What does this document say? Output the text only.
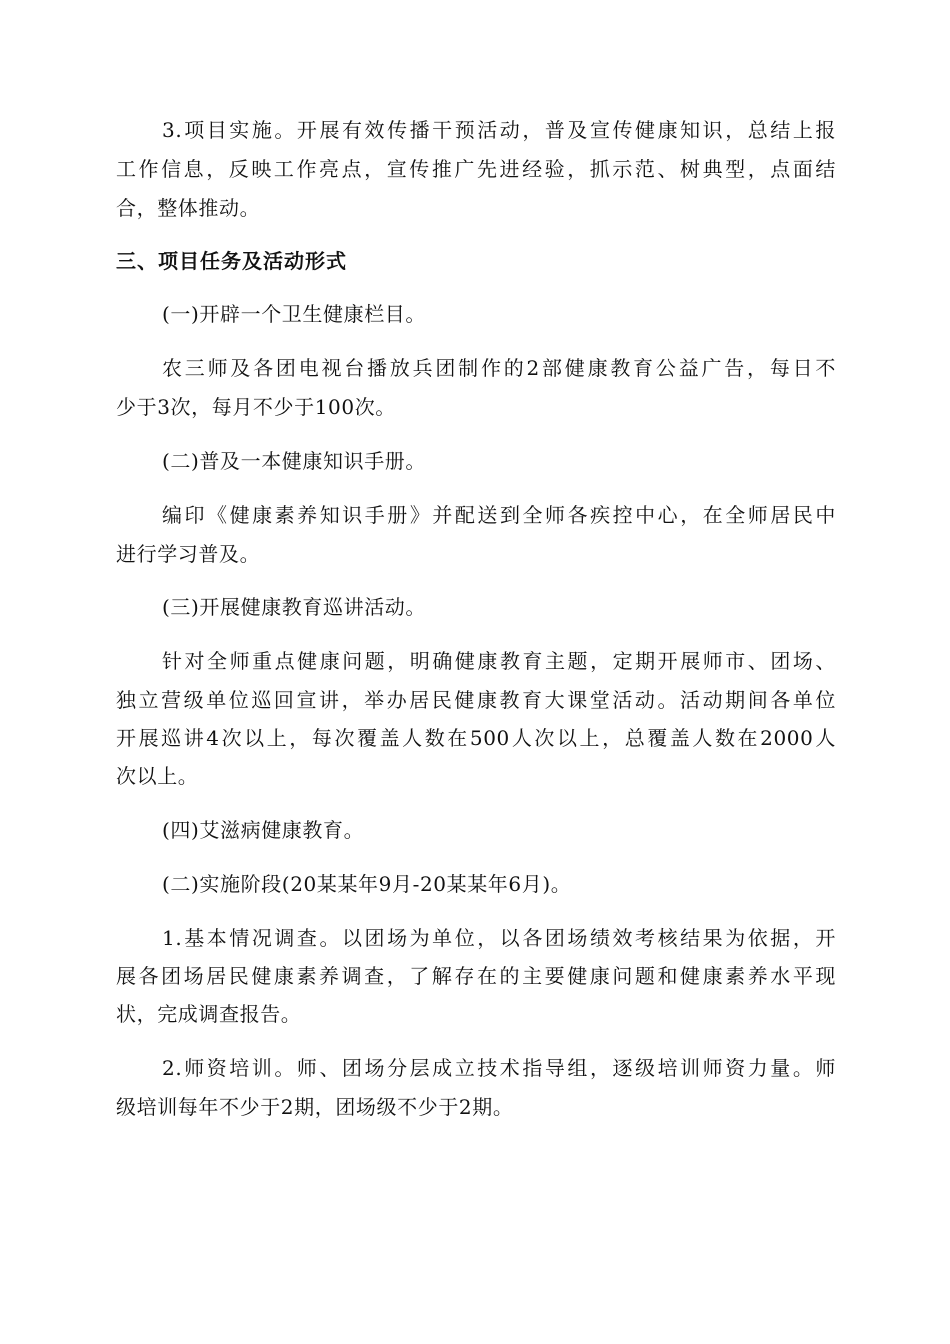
3.项目实施。开展有效传播干预活动，普及宣传健康知识，总结上报
工作信息，反映工作亮点，宣传推广先进经验，抓示范、树典型，点面结
合，整体推动。
三、项目任务及活动形式
(一)开辟一个卫生健康栏目。
农三师及各团电视台播放兵团制作的2部健康教育公益广告，每日不
少于3次，每月不少于100次。
(二)普及一本健康知识手册。
编印《健康素养知识手册》并配送到全师各疾控中心，在全师居民中
进行学习普及。
(三)开展健康教育巡讲活动。
针对全师重点健康问题，明确健康教育主题，定期开展师市、团场、
独立营级单位巡回宣讲，举办居民健康教育大课堂活动。活动期间各单位
开展巡讲4次以上，每次覆盖人数在500人次以上，总覆盖人数在2000人
次以上。
(四)艾滋病健康教育。
(二)实施阶段(20某某年9月-20某某年6月)。
1.基本情况调查。以团场为单位，以各团场绩效考核结果为依据，开
展各团场居民健康素养调查，了解存在的主要健康问题和健康素养水平现
状，完成调查报告。
2.师资培训。师、团场分层成立技术指导组，逐级培训师资力量。师
级培训每年不少于2期，团场级不少于2期。
